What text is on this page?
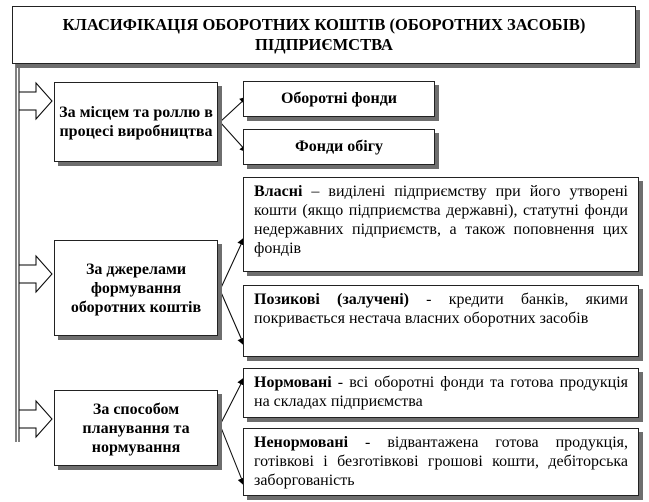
КЛАСИФІКАЦІЯ ОБОРОТНИХ КОШТІВ (ОБОРОТНИХ ЗАСОБІВ) ПІДПРИЄМСТВА
За місцем та роллю в процесі виробництва
Оборотні фонди
Фонди обігу
За джерелами формування оборотних коштів
Власні – виділені підприємству при його утворені кошти (якщо підприємства державні), статутні фонди недержавних підприємств, а також поповнення цих фондів
Позикові (залучені) - кредити банків, якими покривається нестача власних оборотних засобів
За способом планування та нормування
Нормовані - всі оборотні фонди та готова продукція на складах підприємства
Ненормовані - відвантажена готова продукція, готівкові і безготівкові грошові кошти, дебіторська заборгованість
